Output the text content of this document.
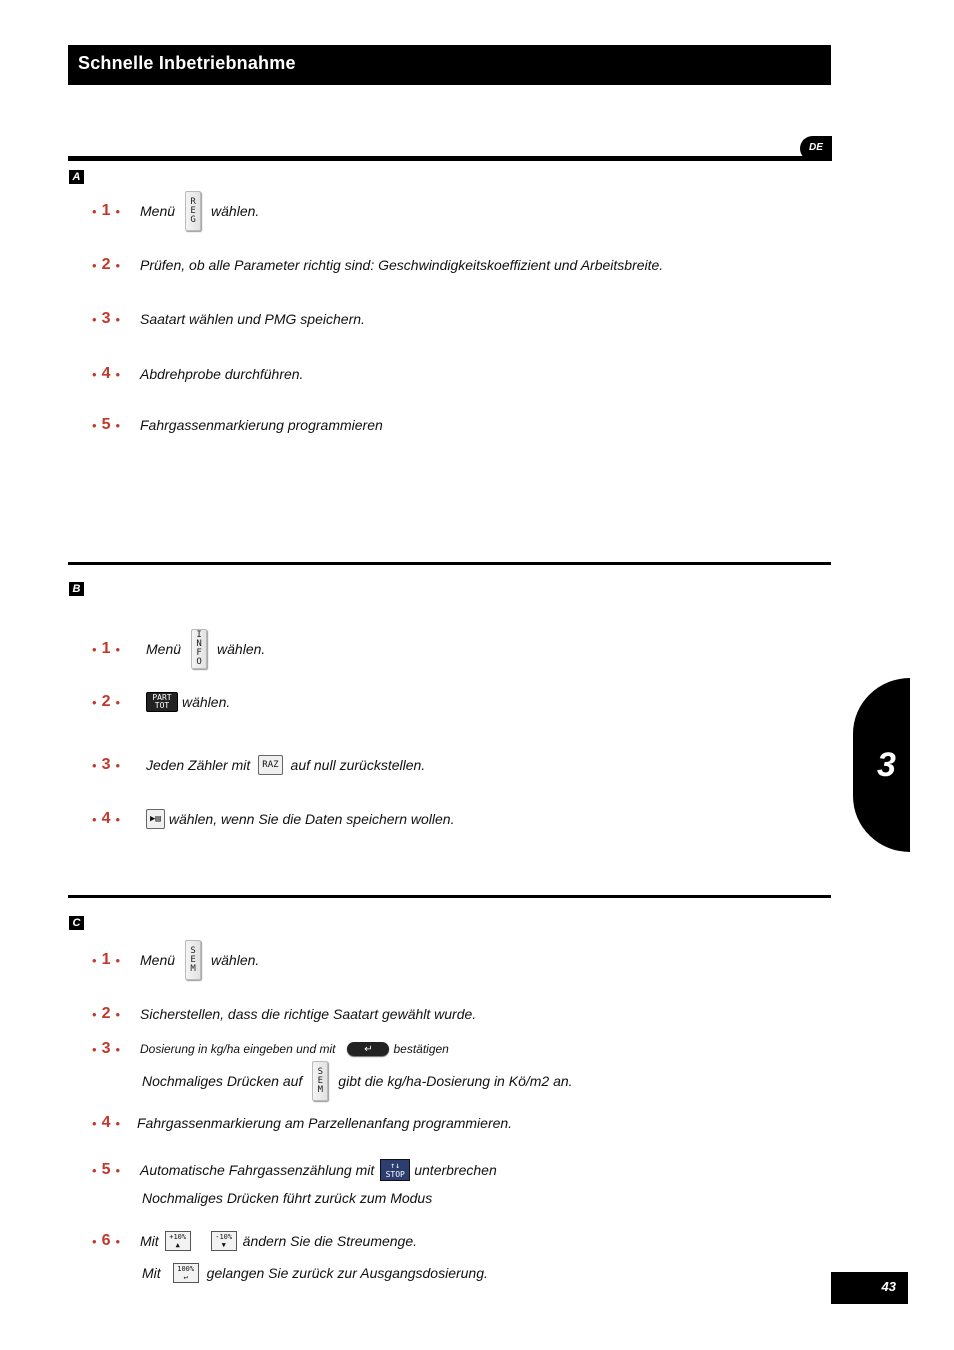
Schnelle Inbetriebnahme
DE
A
• 1 • Menü
R
E
G
wählen.
• 2 • Prüfen, ob alle Parameter richtig sind: Geschwindigkeitskoeffizient und Arbeitsbreite.
• 3 • Saatart wählen und PMG speichern.
• 4 • Abdrehprobe durchführen.
• 5 • Fahrgassenmarkierung programmieren
B
• 1 • Menü
I
N
F
O
wählen.
• 2 •	PART
TOT wählen.
• 3 • Jeden Zähler mit	RAZ auf null zurückstellen.
• 4 •	▶▤ wählen, wenn Sie die Daten speichern wollen.
3
C
• 1 • Menü
S
E
M
wählen.
• 2 • Sicherstellen, dass die richtige Saatart gewählt wurde.
• 3 • Dosierung in kg/ha eingeben und mit	↵	bestätigen
Nochmaliges Drücken auf
S
E
M
gibt die kg/ha-Dosierung in Kö/m2 an.
• 4 • Fahrgassenmarkierung am Parzellenanfang programmieren.
• 5 • Automatische Fahrgassenzählung mit ↑↓
STOP unterbrechen
Nochmaliges Drücken führt zurück zum Modus
• 6 • Mit +10%
▲
-10%
▼ ändern Sie die Streumenge.
Mit 100%
↵ gelangen Sie zurück zur Ausgangsdosierung.
43
